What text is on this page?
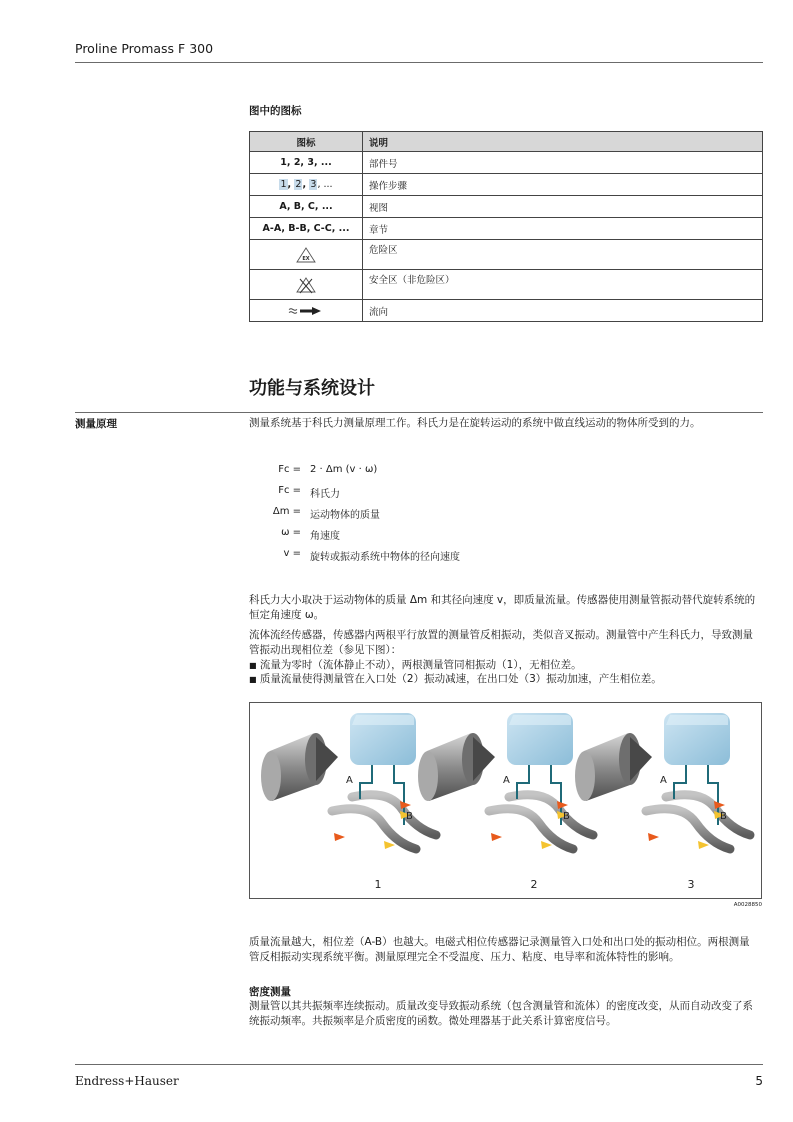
Proline Promass F 300
图中的图标
图标	说明
1, 2, 3, ...	部件号
1, 2, 3, ...	操作步骤
A, B, C, ...	视图
A-A, B-B, C-C, ...	章节

EX	危险区
	安全区（非危险区）
	流向
功能与系统设计
测量原理	测量系统基于科氏力测量原理工作。科氏力是在旋转运动的系统中做直线运动的物体所受到的力。
Fc = 2 · Δm (v · ω)
Fc = 科氏力
Δm = 运动物体的质量
ω = 角速度
v = 旋转或振动系统中物体的径向速度
科氏力大小取决于运动物体的质量 Δm 和其径向速度 v，即质量流量。传感器使用测量管振动替代旋转系统的恒定角速度 ω。
流体流经传感器，传感器内两根平行放置的测量管反相振动，类似音叉振动。测量管中产生科氏力，导致测量管振动出现相位差（参见下图）：
■ 流量为零时（流体静止不动），两根测量管同相振动（1），无相位差。
■ 质量流量使得测量管在入口处（2）振动减速，在出口处（3）振动加速，产生相位差。
A
B
A
B
A
B
1	2	3
A0028850
质量流量越大，相位差（A-B）也越大。电磁式相位传感器记录测量管入口处和出口处的振动相位。两根测量管反相振动实现系统平衡。测量原理完全不受温度、压力、粘度、电导率和流体特性的影响。
密度测量
测量管以其共振频率连续振动。质量改变导致振动系统（包含测量管和流体）的密度改变，从而自动改变了系统振动频率。共振频率是介质密度的函数。微处理器基于此关系计算密度信号。
Endress+Hauser	5
